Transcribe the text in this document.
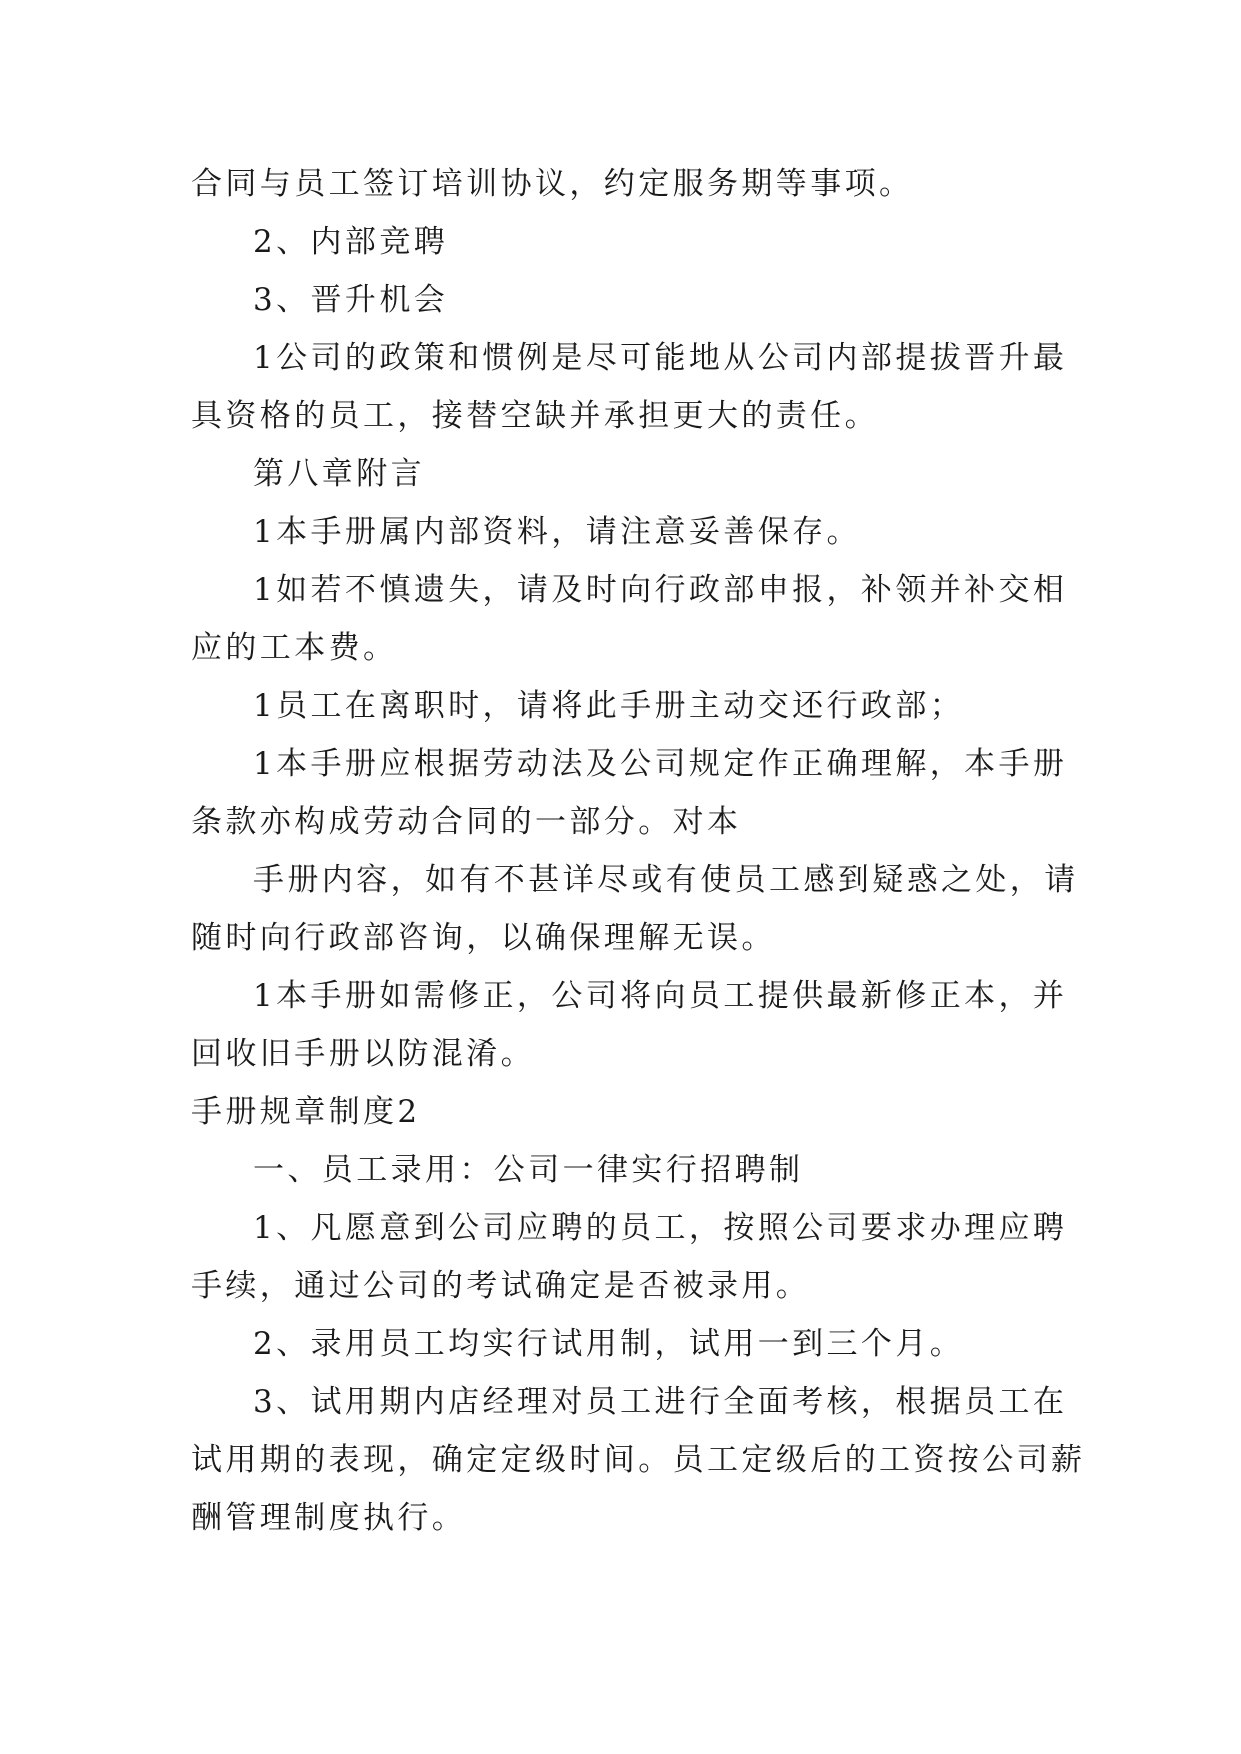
合同与员工签订培训协议，约定服务期等事项。
2、内部竞聘
3、晋升机会
1公司的政策和惯例是尽可能地从公司内部提拔晋升最
具资格的员工，接替空缺并承担更大的责任。
第八章附言
1本手册属内部资料，请注意妥善保存。
1如若不慎遗失，请及时向行政部申报，补领并补交相
应的工本费。
1员工在离职时，请将此手册主动交还行政部；
1本手册应根据劳动法及公司规定作正确理解，本手册
条款亦构成劳动合同的一部分。对本
手册内容，如有不甚详尽或有使员工感到疑惑之处，请
随时向行政部咨询，以确保理解无误。
1本手册如需修正，公司将向员工提供最新修正本，并
回收旧手册以防混淆。
手册规章制度2
一、员工录用：公司一律实行招聘制
1、凡愿意到公司应聘的员工，按照公司要求办理应聘
手续，通过公司的考试确定是否被录用。
2、录用员工均实行试用制，试用一到三个月。
3、试用期内店经理对员工进行全面考核，根据员工在
试用期的表现，确定定级时间。员工定级后的工资按公司薪
酬管理制度执行。
